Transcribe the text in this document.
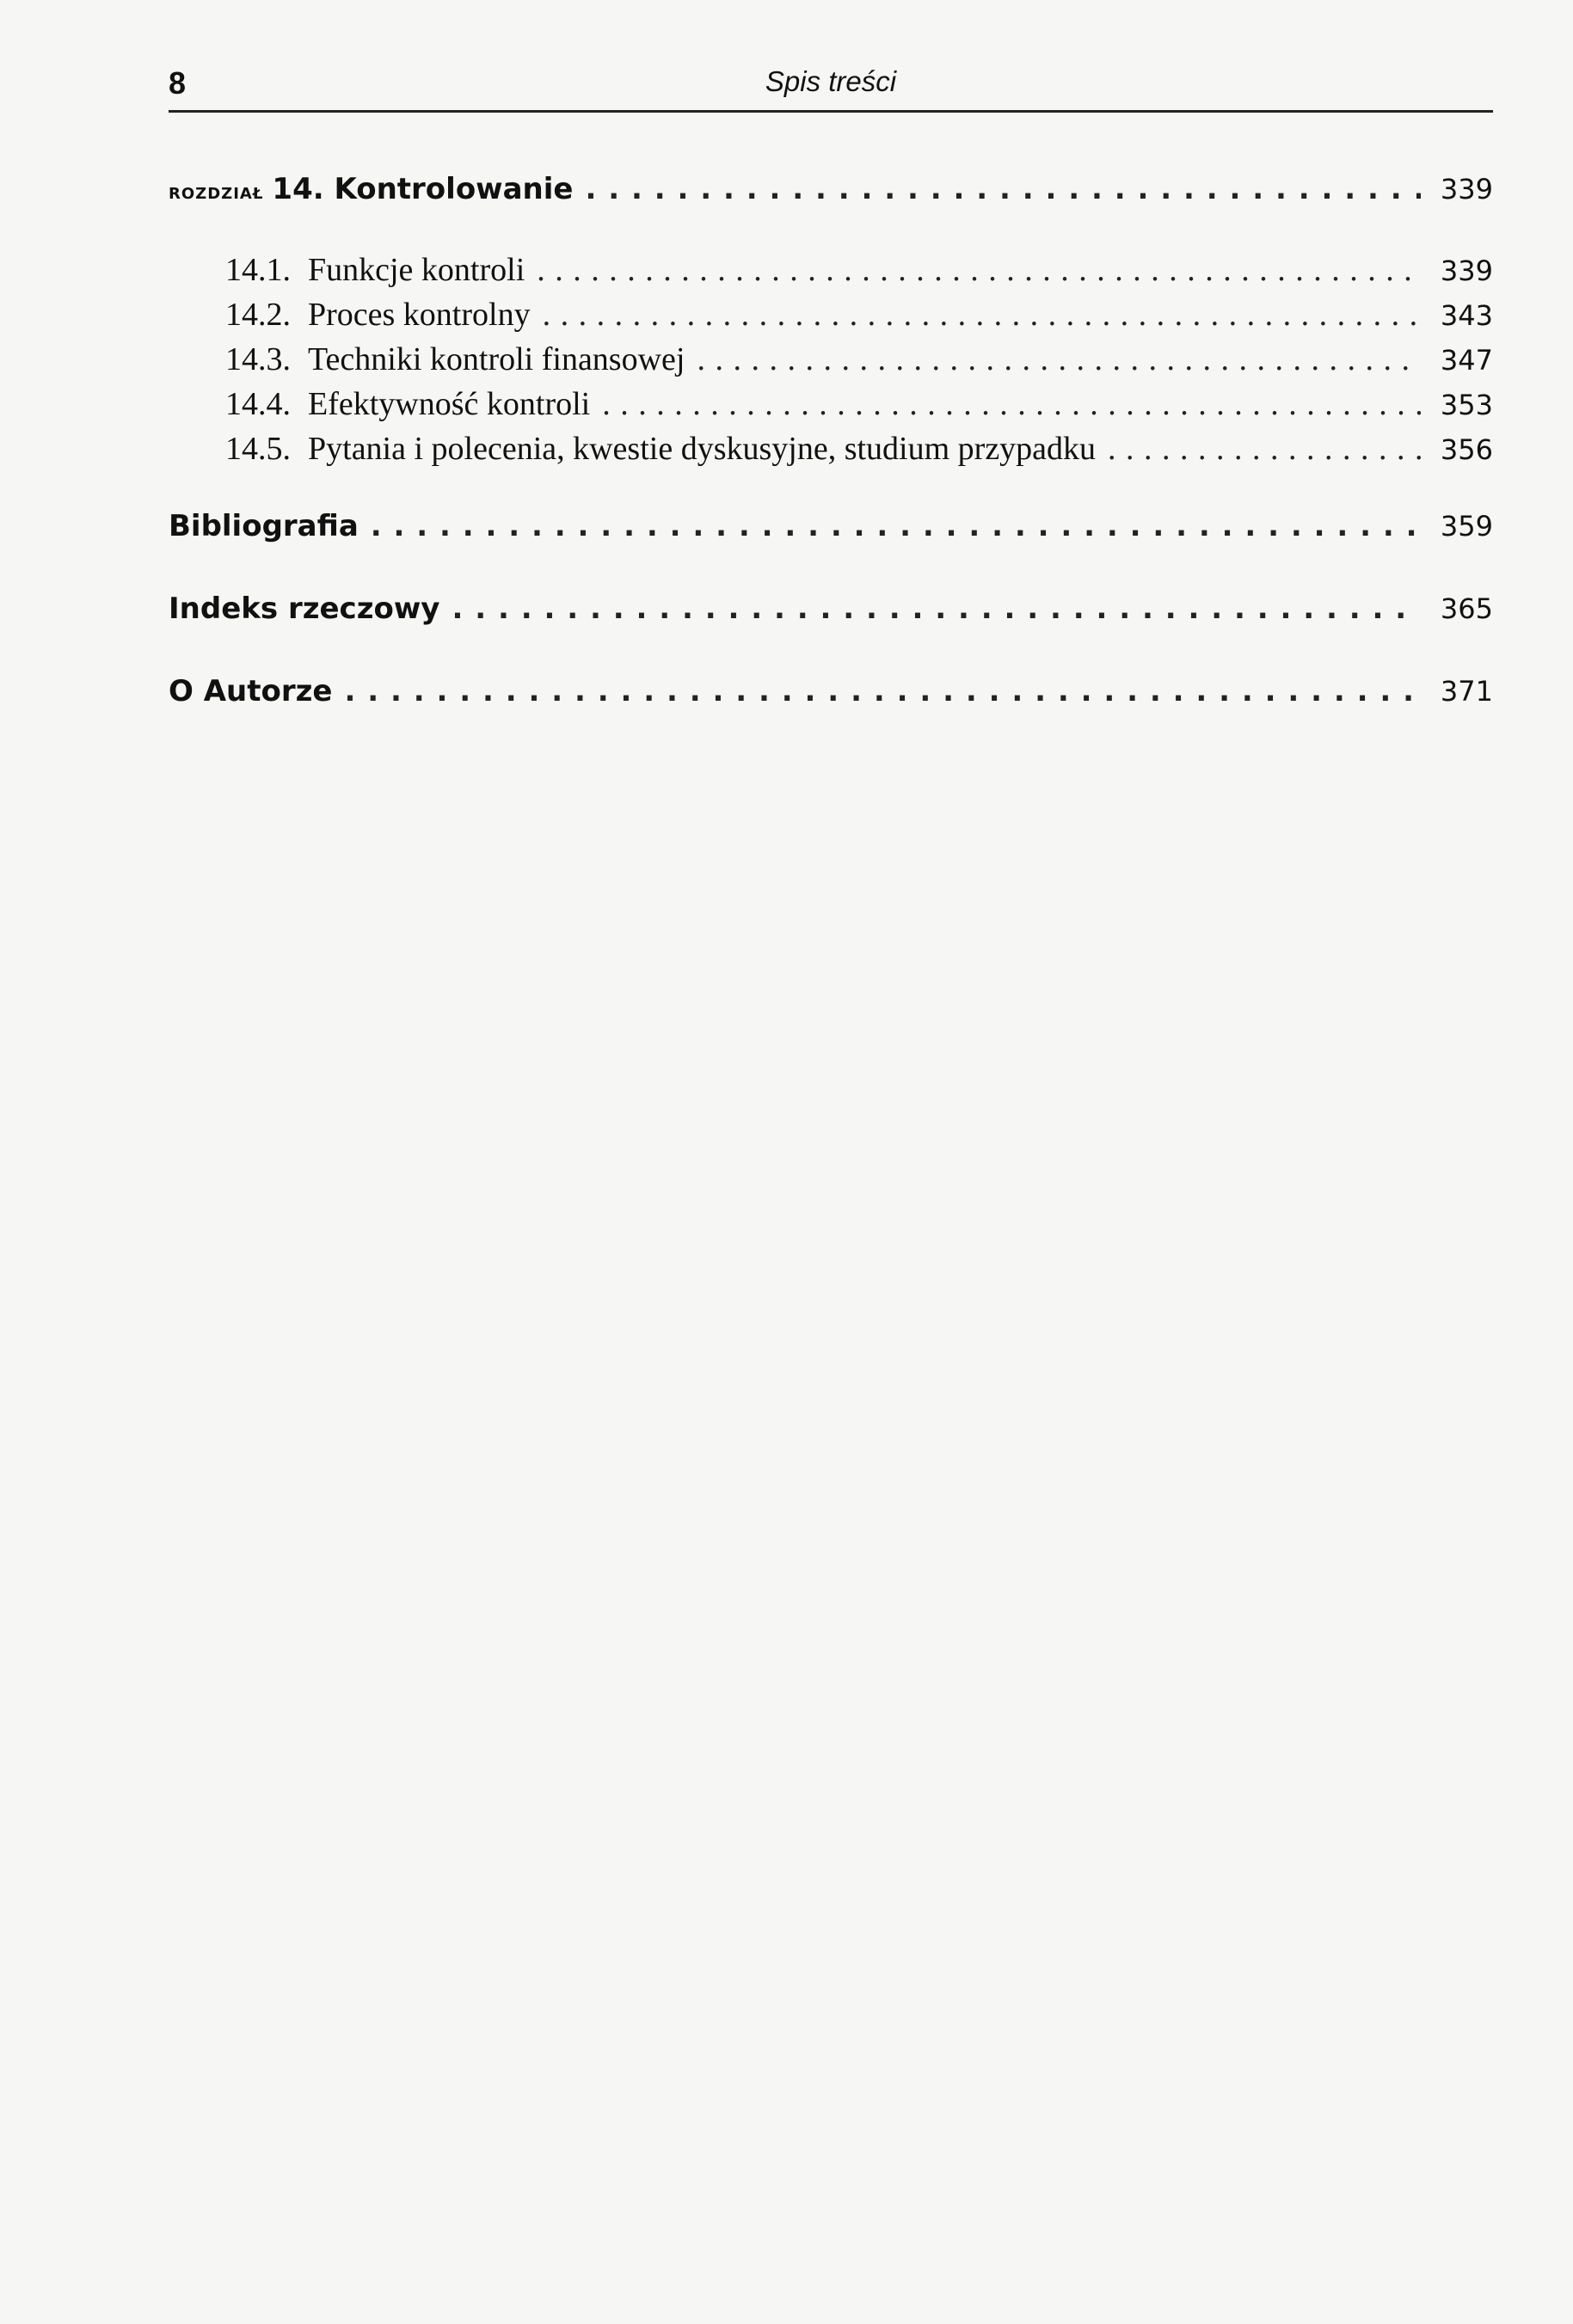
8	Spis treści
rozdział 14. Kontrolowanie . . .	339
14.1. Funkcje kontroli . . .	339
14.2. Proces kontrolny . . .	343
14.3. Techniki kontroli finansowej . . .	347
14.4. Efektywność kontroli . . .	353
14.5. Pytania i polecenia, kwestie dyskusyjne, studium przypadku . . .	356
Bibliografia . . .	359
Indeks rzeczowy . . .	365
O Autorze . . .	371
